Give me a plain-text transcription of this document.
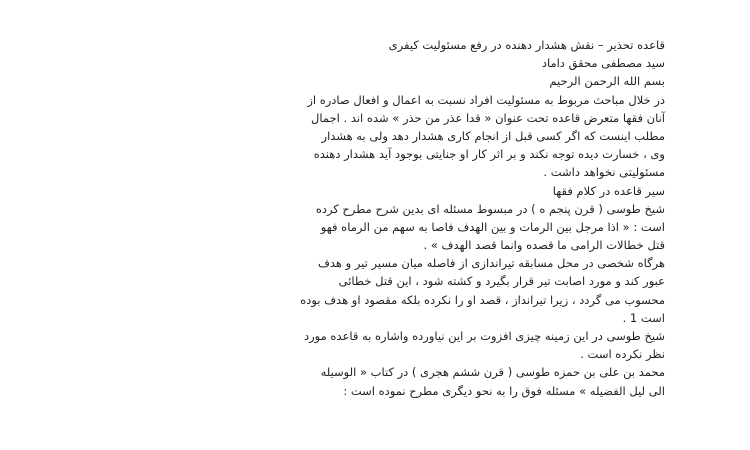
قاعده تحذیر – نقش هشدار دهنده در رفع مسئولیت کیفری
سید مصطفی محقق داماد
بسم الله الرحمن الرحیم
در خلال مباحث مربوط به مسئولیت افراد نسبت به اعمال و افعال صادره از
آنان فقها متعرض قاعده تحت عنوان « قدا عذر من حذر » شده اند . اجمال
مطلب اینست که اگر کسی قبل از انجام کاری هشدار دهد ولی به هشدار
وی ، خسارت دیده توجه نکند و بر اثر کار او جنایتی بوجود آید هشدار دهنده
مسئولیتی نخواهد داشت .
سیر قاعده در کلام فقها
شیخ طوسی ( قرن پنجم ه ) در مبسوط مسئله ای بدین شرح مطرح کرده
است : « اذا مرجل بین الرمات و بین الهدف فاصا به سهم من الرماه فهو
قتل خطالات الرامی ما قصده وانما قصد الهدف » .
هرگاه شخصی در محل مسابقه تیراندازی از فاصله میان مسیر تیر و هدف
عبور کند و مورد اصابت تیر قرار بگیرد و کشته شود ، این قتل خطائی
محسوب می گردد ، زیرا تیرانداز ، قصد او را نکرده بلکه مقصود او هدف بوده
است 1 .
شیخ طوسی در این زمینه چیزی افزوت بر این نیاورده واشاره به قاعده مورد
نظر نکرده است .
محمد بن علی بن حمزه طوسی ( قرن ششم هجری ) در کتاب « الوسیله
الی لیل الفضیله » مسئله فوق را به نحو دیگری مطرح نموده است :
